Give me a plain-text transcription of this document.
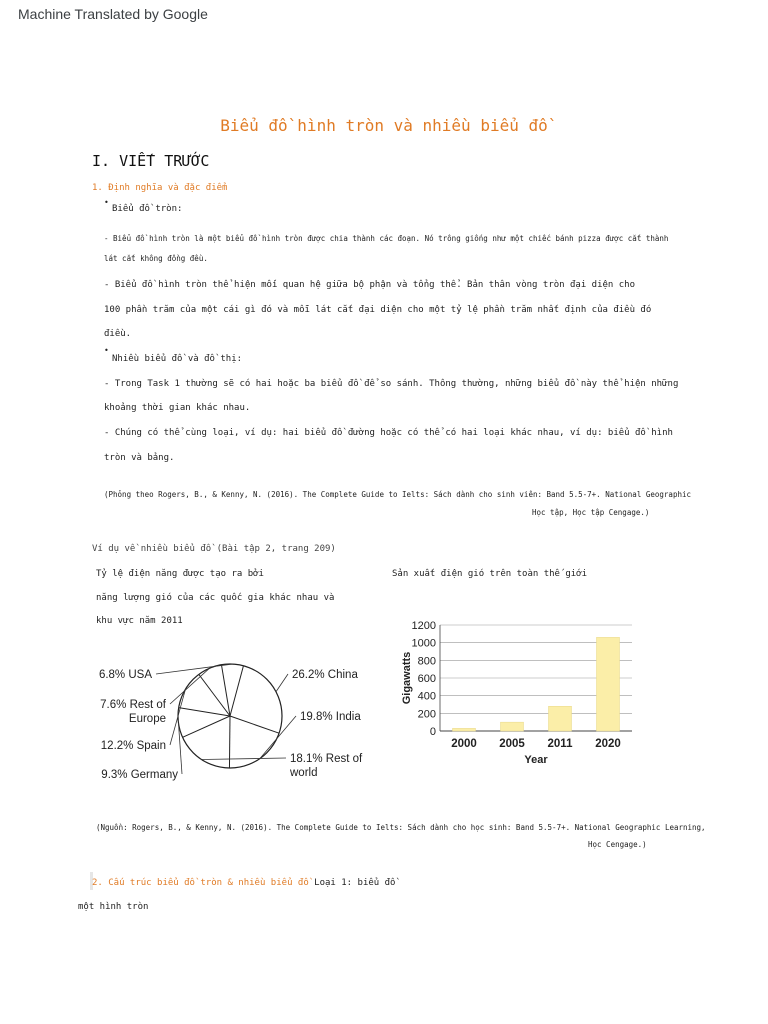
Machine Translated by Google
Biểu đồ hình tròn và nhiều biểu đồ
I. VIẾT TRƯỚC
1. Định nghĩa và đặc điểm
•
Biểu đồ tròn:
- Biểu đồ hình tròn là một biểu đồ hình tròn được chia thành các đoạn. Nó trông giống như một chiếc bánh pizza được cắt thành
lát cắt không đồng đều.
- Biểu đồ hình tròn thể hiện mối quan hệ giữa bộ phận và tổng thể. Bản thân vòng tròn đại diện cho
100 phần trăm của một cái gì đó và mỗi lát cắt đại diện cho một tỷ lệ phần trăm nhất định của điều đó
điều.
•
Nhiều biểu đồ và đồ thị:
- Trong Task 1 thường sẽ có hai hoặc ba biểu đồ để so sánh. Thông thường, những biểu đồ này thể hiện những
khoảng thời gian khác nhau.
- Chúng có thể cùng loại, ví dụ: hai biểu đồ đường hoặc có thể có hai loại khác nhau, ví dụ: biểu đồ hình
tròn và bảng.
(Phỏng theo Rogers, B., & Kenny, N. (2016). The Complete Guide to Ielts: Sách dành cho sinh viên: Band 5.5-7+. National Geographic
Học tập, Học tập Cengage.)
Ví dụ về nhiều biểu đồ (Bài tập 2, trang 209)
Tỷ lệ điện năng được tạo ra bởi
năng lượng gió của các quốc gia khác nhau và
khu vực năm 2011
Sản xuất điện gió trên toàn thế giới
26.2% China
19.8% India
18.1% Rest of
world
9.3% Germany
12.2% Spain
7.6% Rest of
Europe
6.8% USA
0
200
400
600
800
1000
1200
2000 2005 2011 2020
Year
Gigawatts
(Nguồn: Rogers, B., & Kenny, N. (2016). The Complete Guide to Ielts: Sách dành cho học sinh: Band 5.5-7+. National Geographic Learning,
Học Cengage.)
2. Cấu trúc biểu đồ tròn & nhiều biểu đồ Loại 1: biểu đồ
một hình tròn
